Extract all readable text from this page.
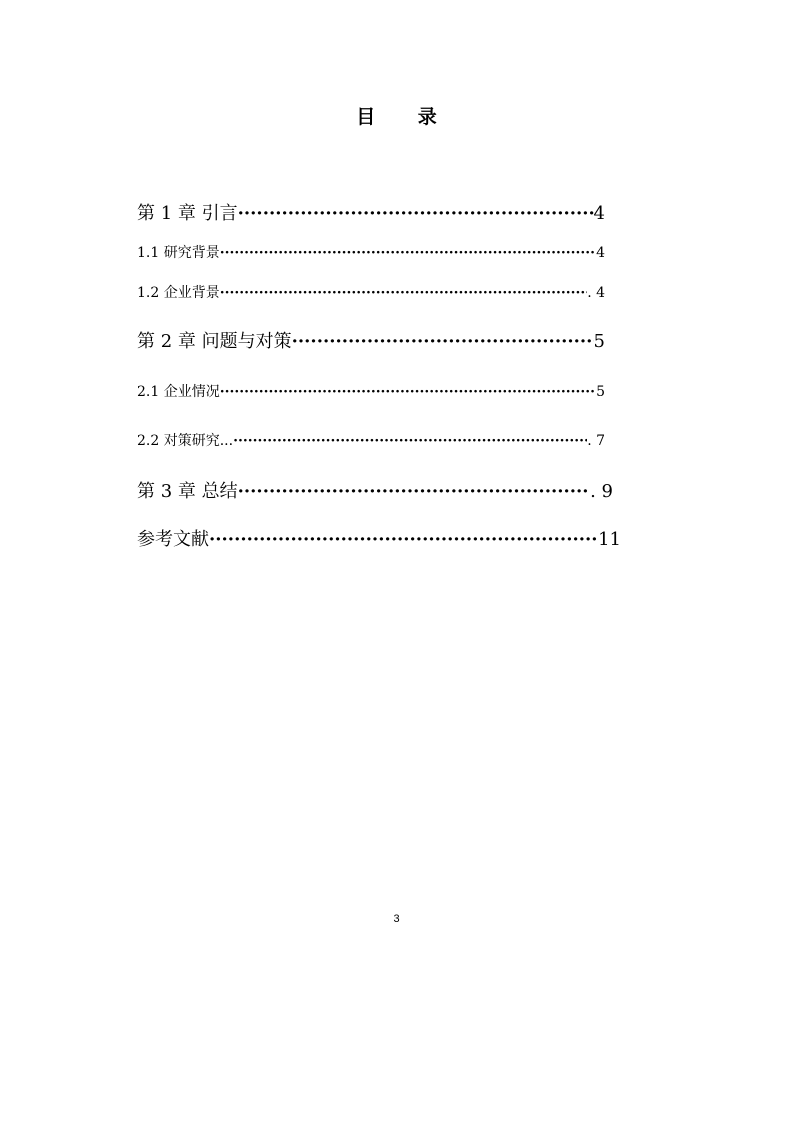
目 录
第 1 章 引言 ·····	4
1.1 研究背景 ·····	4
1.2 企业背景 ·····	. 4
第 2 章 问题与对策 ·····	5
2.1 企业情况 ·····	5
2.2 对策研究... ·····	. 7
第 3 章 总结 ·····	. 9
参考文献 ·····	11
3
